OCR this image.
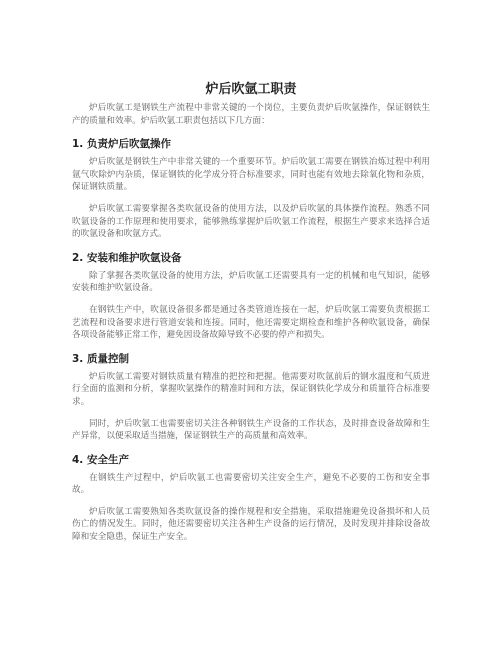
炉后吹氩工职责

炉后吹氩工是钢铁生产流程中非常关键的一个岗位，主要负责炉后吹氩操作，保证钢铁生产的质量和效率。炉后吹氩工职责包括以下几方面：

1. 负责炉后吹氩操作

炉后吹氩是钢铁生产中非常关键的一个重要环节。炉后吹氩工需要在钢铁冶炼过程中利用氩气吹除炉内杂质，保证钢铁的化学成分符合标准要求，同时也能有效地去除氧化物和杂质，保证钢铁质量。

炉后吹氩工需要掌握各类吹氩设备的使用方法，以及炉后吹氩的具体操作流程。熟悉不同吹氩设备的工作原理和使用要求，能够熟练掌握炉后吹氩工作流程，根据生产要求来选择合适的吹氩设备和吹氩方式。

2. 安装和维护吹氩设备

除了掌握各类吹氩设备的使用方法，炉后吹氩工还需要具有一定的机械和电气知识，能够安装和维护吹氩设备。

在钢铁生产中，吹氩设备很多都是通过各类管道连接在一起，炉后吹氩工需要负责根据工艺流程和设备要求进行管道安装和连接。同时，他还需要定期检查和维护各种吹氩设备，确保各项设备能够正常工作，避免因设备故障导致不必要的停产和损失。

3. 质量控制

炉后吹氩工需要对钢铁质量有精准的把控和把握。他需要对吹氩前后的钢水温度和气质进行全面的监测和分析，掌握吹氩操作的精准时间和方法，保证钢铁化学成分和质量符合标准要求。

同时，炉后吹氩工也需要密切关注各种钢铁生产设备的工作状态，及时排查设备故障和生产异常，以便采取适当措施，保证钢铁生产的高质量和高效率。

4. 安全生产

在钢铁生产过程中，炉后吹氩工也需要密切关注安全生产，避免不必要的工伤和安全事故。

炉后吹氩工需要熟知各类吹氩设备的操作规程和安全措施，采取措施避免设备损坏和人员伤亡的情况发生。同时，他还需要密切关注各种生产设备的运行情况，及时发现并排除设备故障和安全隐患，保证生产安全。
